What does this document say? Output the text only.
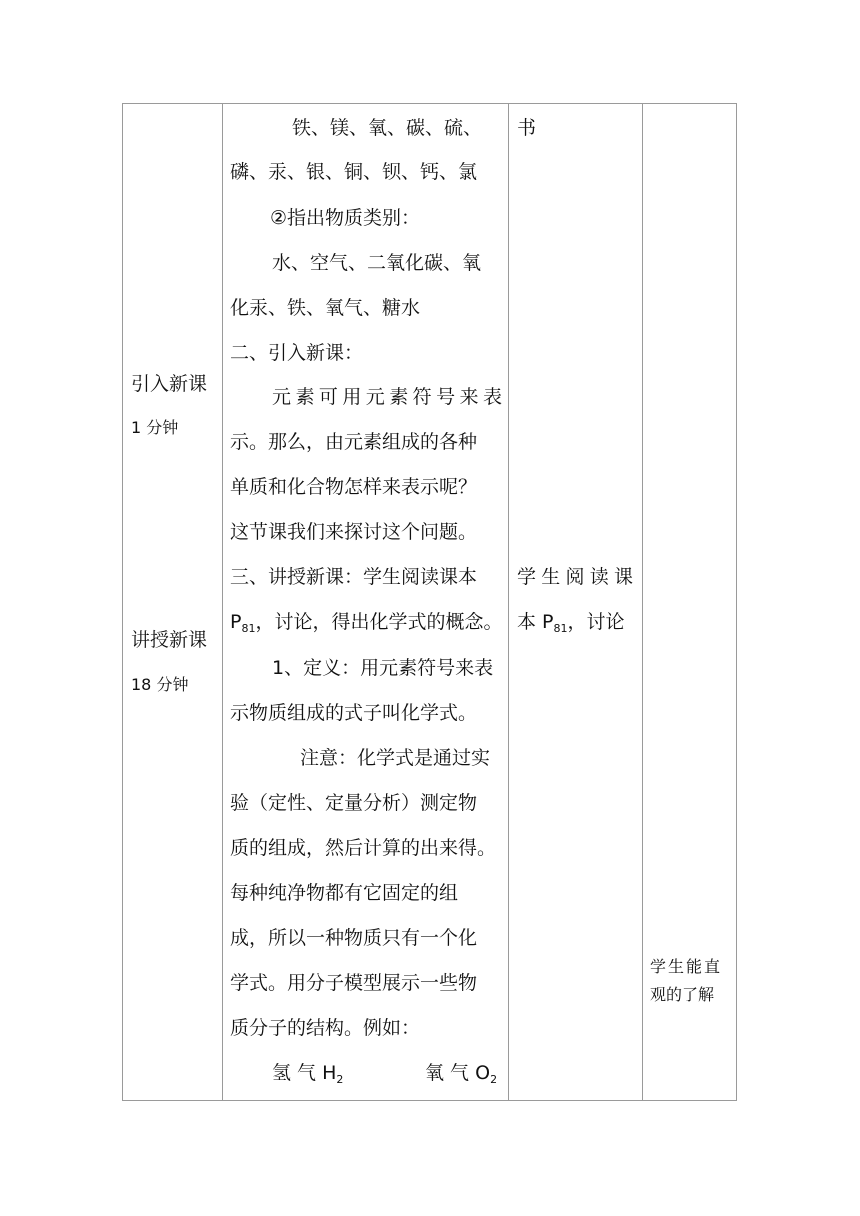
引入新课
1 分钟
讲授新课
18 分钟
铁、镁、氧、碳、硫、
磷、汞、银、铜、钡、钙、氯
②指出物质类别：
水、空气、二氧化碳、氧
化汞、铁、氧气、糖水
二、引入新课：
元 素 可 用 元 素 符 号 来 表
示。那么，由元素组成的各种
单质和化合物怎样来表示呢？
这节课我们来探讨这个问题。
三、讲授新课：学生阅读课本
$P_{81}$，讨论，得出化学式的概念。
1、定义：用元素符号来表
示物质组成的式子叫化学式。
注意：化学式是通过实
验（定性、定量分析）测定物
质的组成，然后计算的出来得。
每种纯净物都有它固定的组
成，所以一种物质只有一个化
学式。用分子模型展示一些物
质分子的结构。例如：
氢 气 $H_2$	氧 气 $O_2$
书
学 生 阅 读 课
本 $P_{81}$，讨论
学生能直
观的了解
